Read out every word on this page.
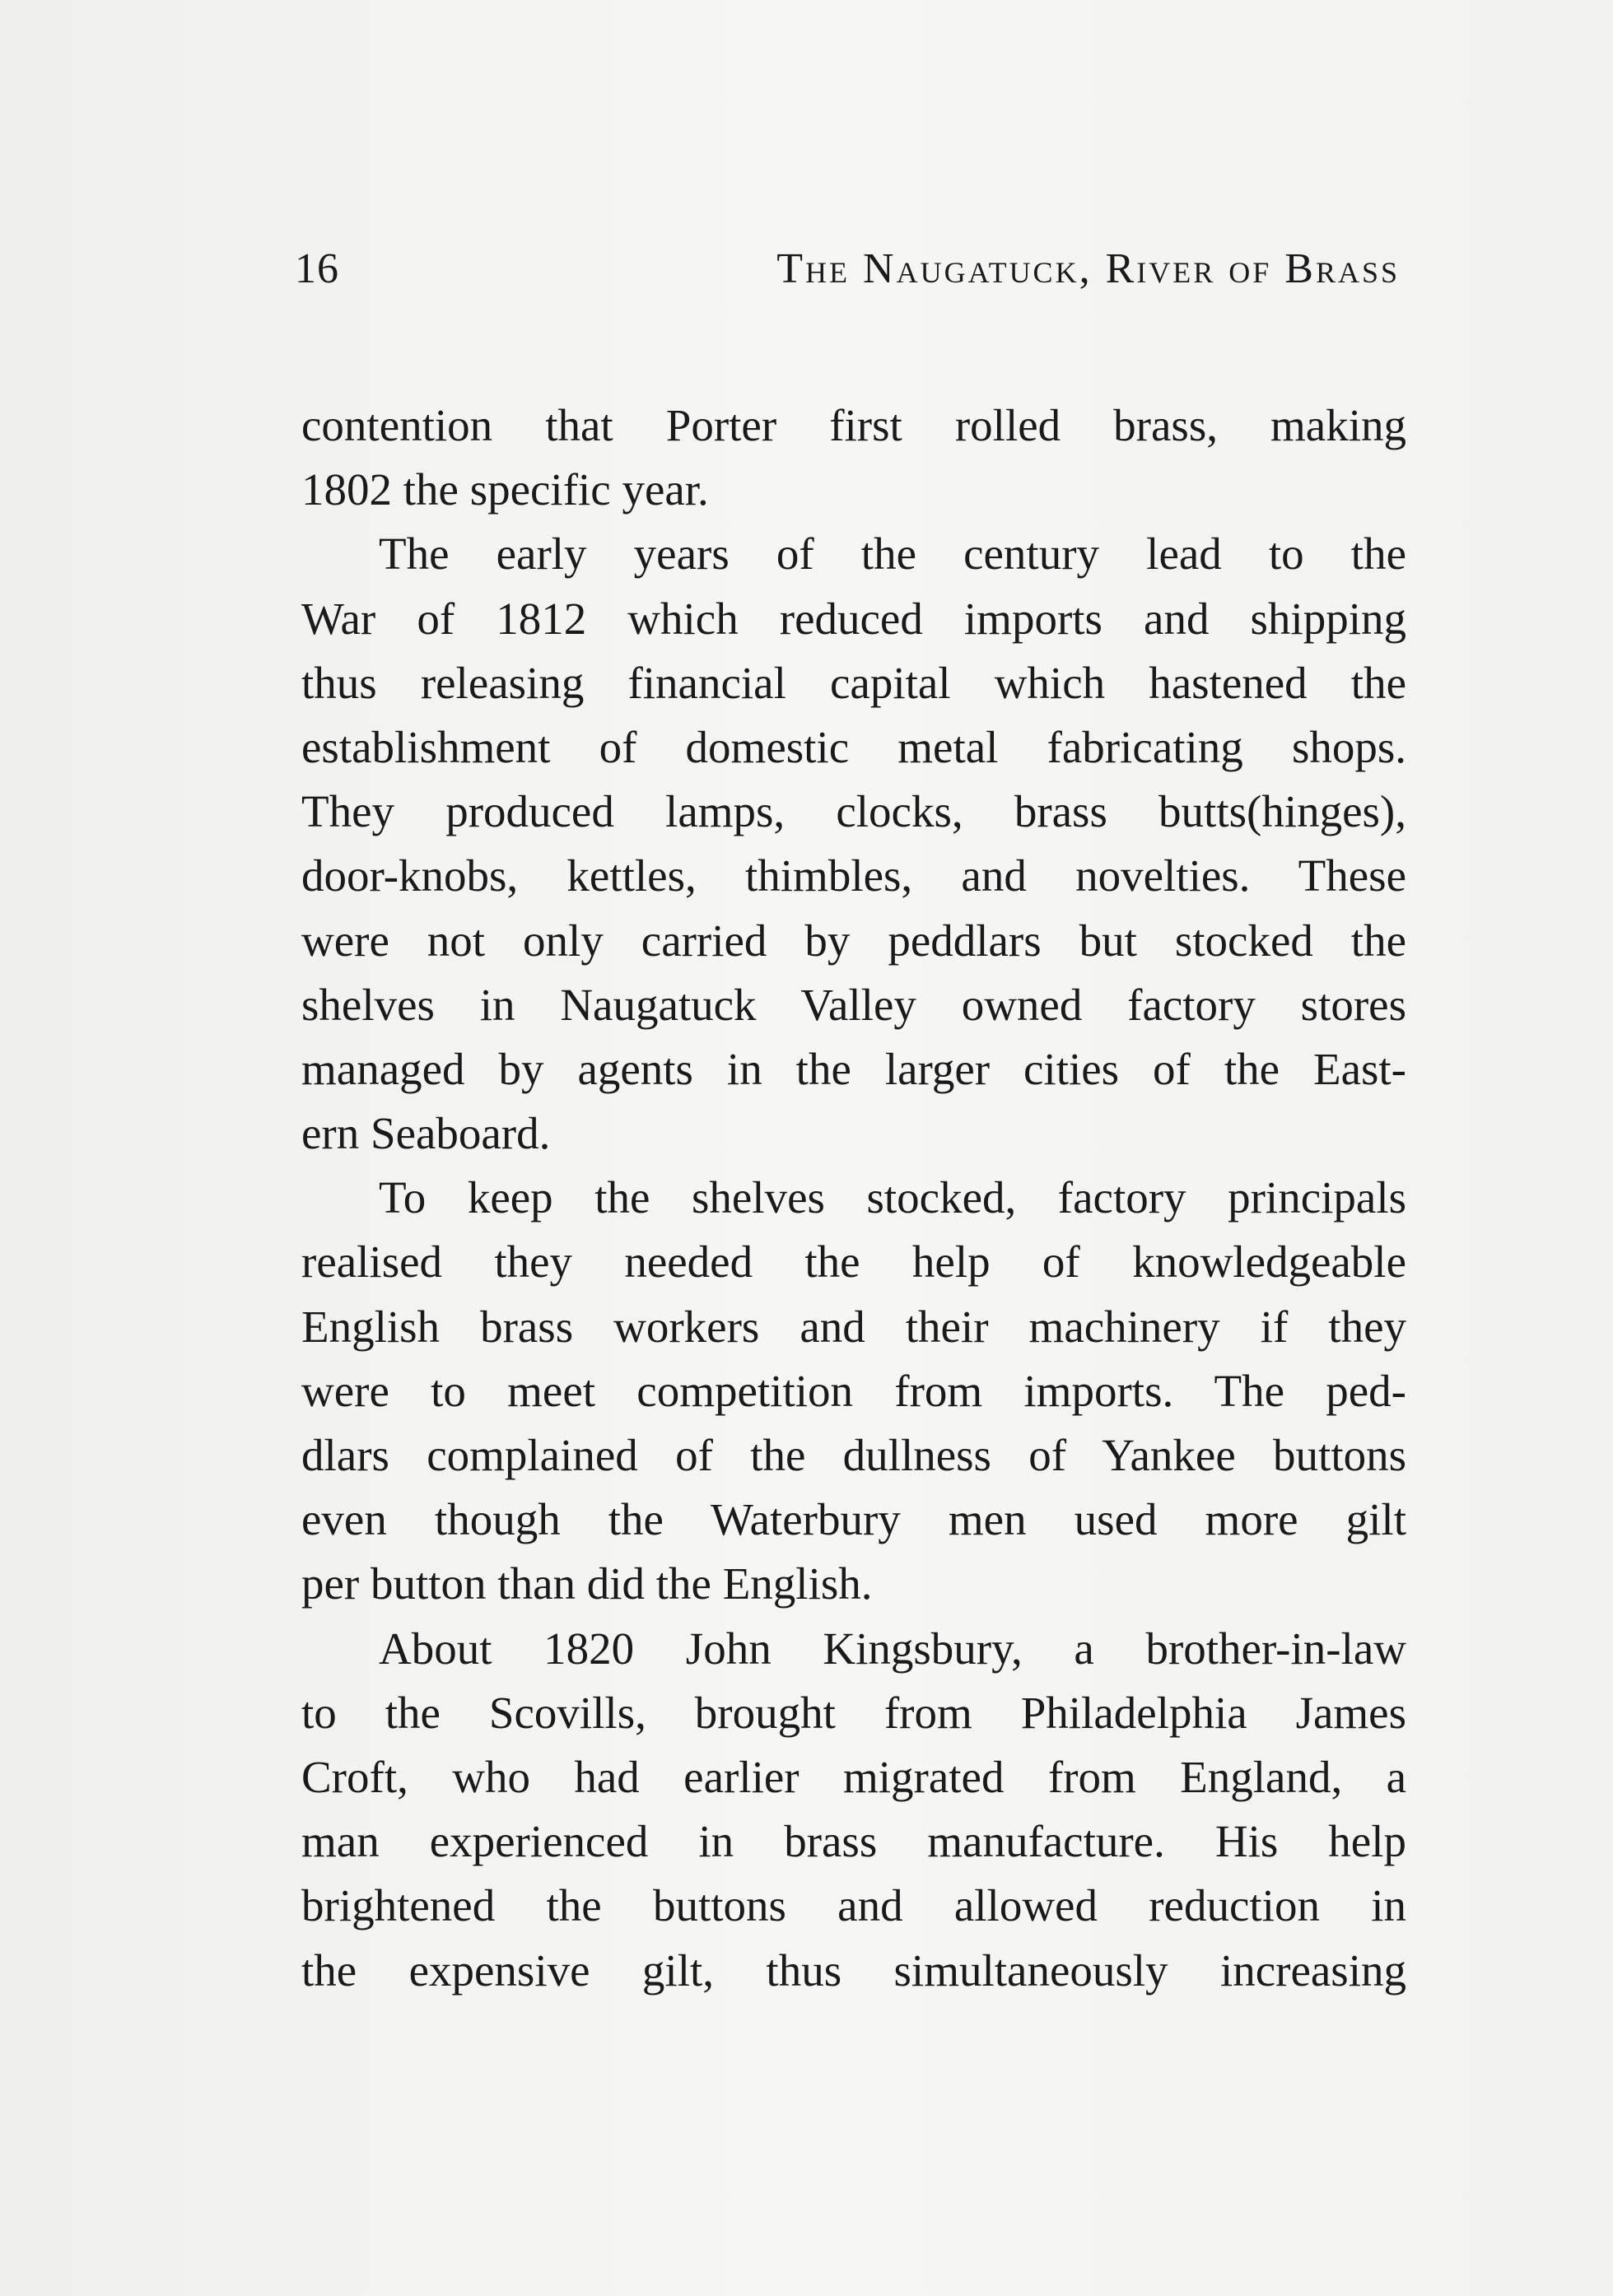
16	The Naugatuck, River of Brass
contention that Porter first rolled brass, making
1802 the specific year.
The early years of the century lead to the
War of 1812 which reduced imports and shipping
thus releasing financial capital which hastened the
establishment of domestic metal fabricating shops.
They produced lamps, clocks, brass butts(hinges),
door-knobs, kettles, thimbles, and novelties. These
were not only carried by peddlars but stocked the
shelves in Naugatuck Valley owned factory stores
managed by agents in the larger cities of the East-
ern Seaboard.
To keep the shelves stocked, factory principals
realised they needed the help of knowledgeable
English brass workers and their machinery if they
were to meet competition from imports. The ped-
dlars complained of the dullness of Yankee buttons
even though the Waterbury men used more gilt
per button than did the English.
About 1820 John Kingsbury, a brother-in-law
to the Scovills, brought from Philadelphia James
Croft, who had earlier migrated from England, a
man experienced in brass manufacture. His help
brightened the buttons and allowed reduction in
the expensive gilt, thus simultaneously increasing
